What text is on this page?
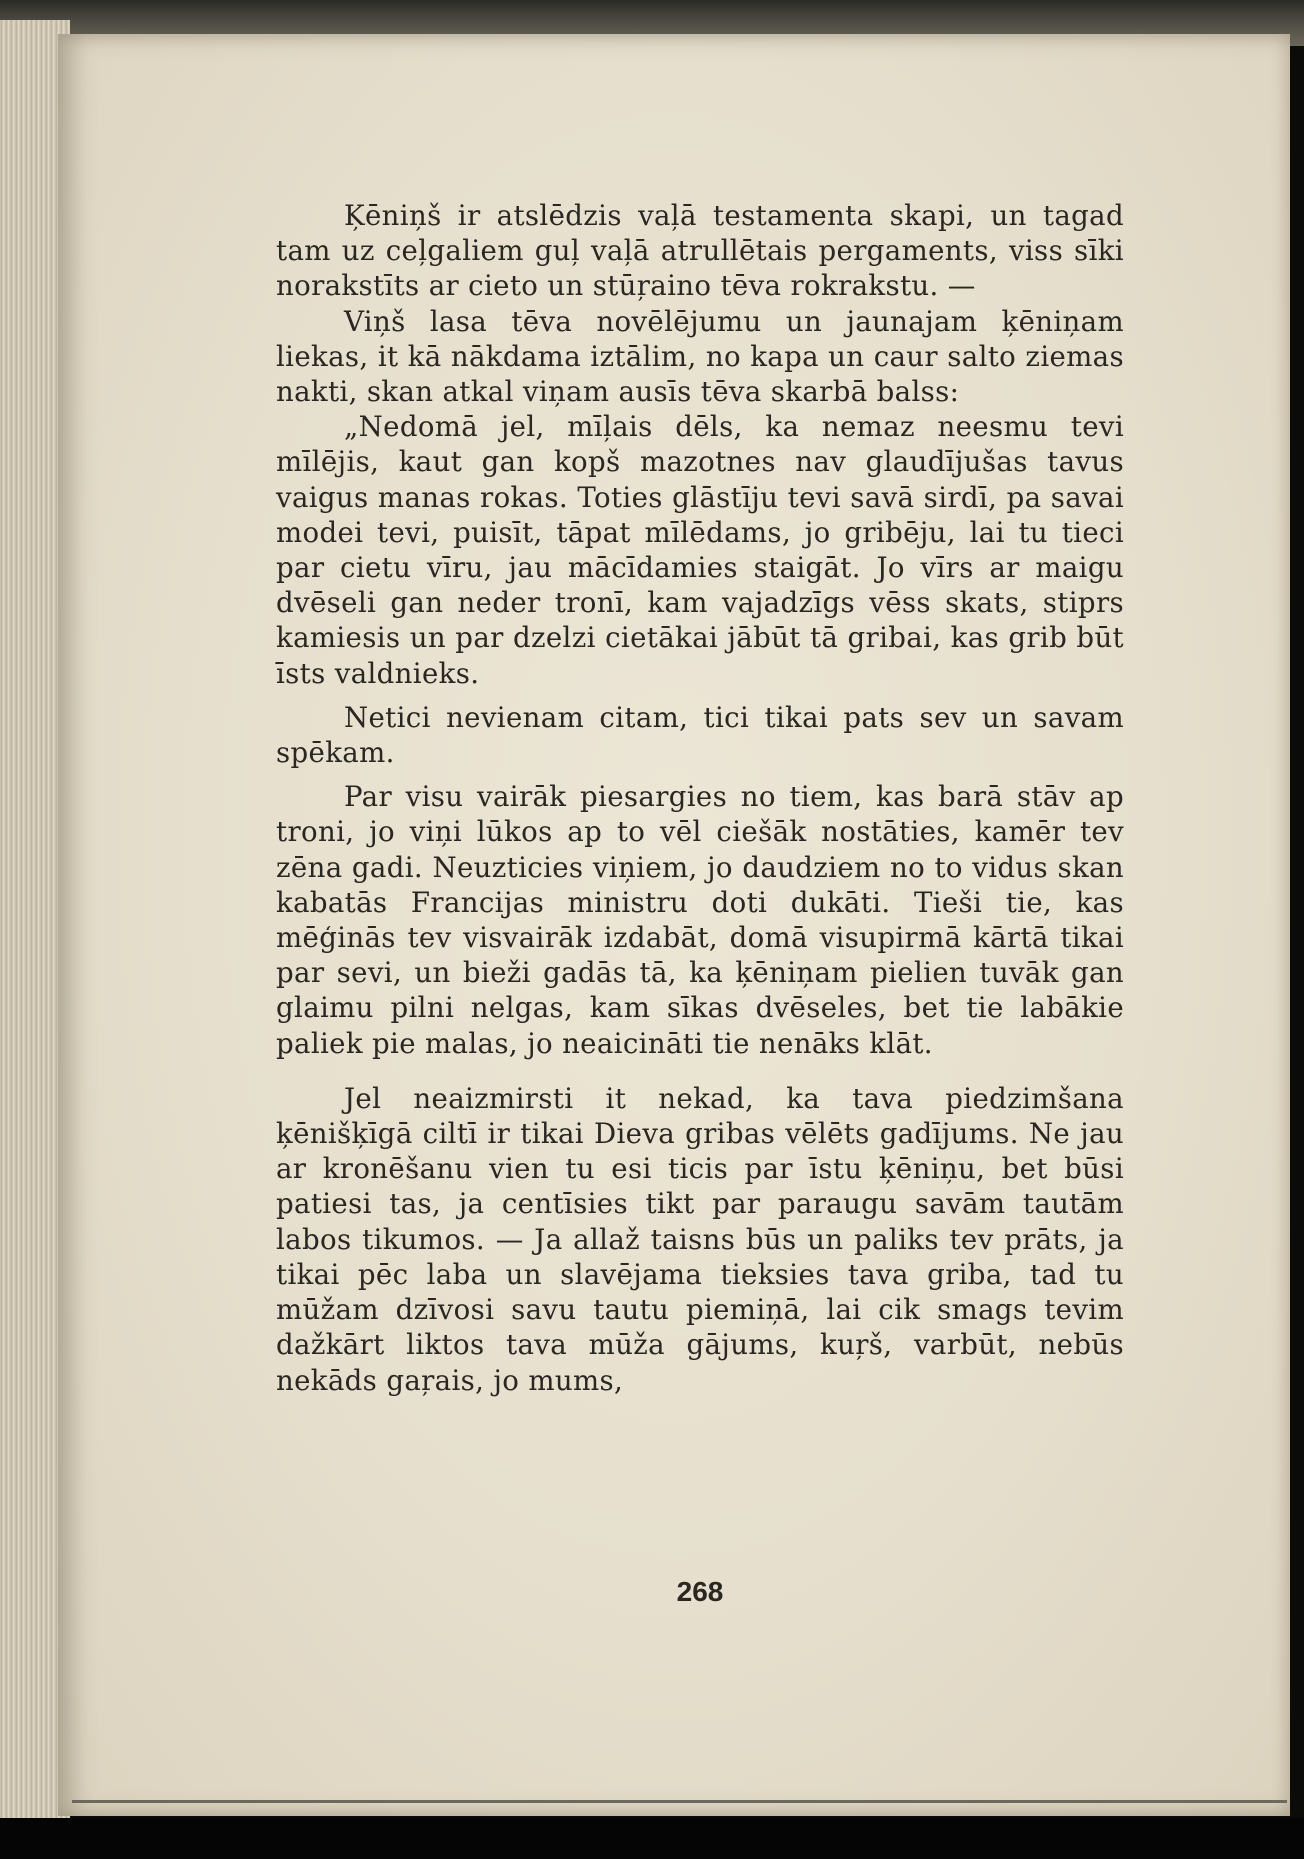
Ķēniņš ir atslēdzis vaļā testamenta skapi, un tagad tam uz ceļgaliem guļ vaļā atrullētais pergaments, viss sīki norakstīts ar cieto un stūŗaino tēva rokrakstu. —

Viņš lasa tēva novēlējumu un jaunajam ķēniņam liekas, it kā nākdama iztālim, no kapa un caur salto ziemas nakti, skan atkal viņam ausīs tēva skarbā balss:

„Nedomā jel, mīļais dēls, ka nemaz neesmu tevi mīlējis, kaut gan kopš mazotnes nav glaudījušas tavus vaigus manas rokas. Toties glāstīju tevi savā sirdī, pa savai modei tevi, puisīt, tāpat mīlēdams, jo gribēju, lai tu tieci par cietu vīru, jau mācīdamies staigāt. Jo vīrs ar maigu dvēseli gan neder tronī, kam vajadzīgs vēss skats, stiprs kamiesis un par dzelzi cietākai jābūt tā gribai, kas grib būt īsts valdnieks.

Netici nevienam citam, tici tikai pats sev un savam spēkam.

Par visu vairāk piesargies no tiem, kas barā stāv ap troni, jo viņi lūkos ap to vēl ciešāk nostāties, kamēr tev zēna gadi. Neuzticies viņiem, jo daudziem no to vidus skan kabatās Francijas ministru doti dukāti. Tieši tie, kas mēģinās tev visvairāk izdabāt, domā visupirmā kārtā tikai par sevi, un bieži gadās tā, ka ķēniņam pielien tuvāk gan glaimu pilni nelgas, kam sīkas dvēseles, bet tie labākie paliek pie malas, jo neaicināti tie nenāks klāt.

Jel neaizmirsti it nekad, ka tava piedzimšana ķēnišķīgā ciltī ir tikai Dieva gribas vēlēts gadījums. Ne jau ar kronēšanu vien tu esi ticis par īstu ķēniņu, bet būsi patiesi tas, ja centīsies tikt par paraugu savām tautām labos tikumos. — Ja allaž taisns būs un paliks tev prāts, ja tikai pēc laba un slavējama tieksies tava griba, tad tu mūžam dzīvosi savu tautu piemiņā, lai cik smags tevim dažkārt liktos tava mūža gājums, kuŗš, varbūt, nebūs nekāds gaŗais, jo mums,

268
